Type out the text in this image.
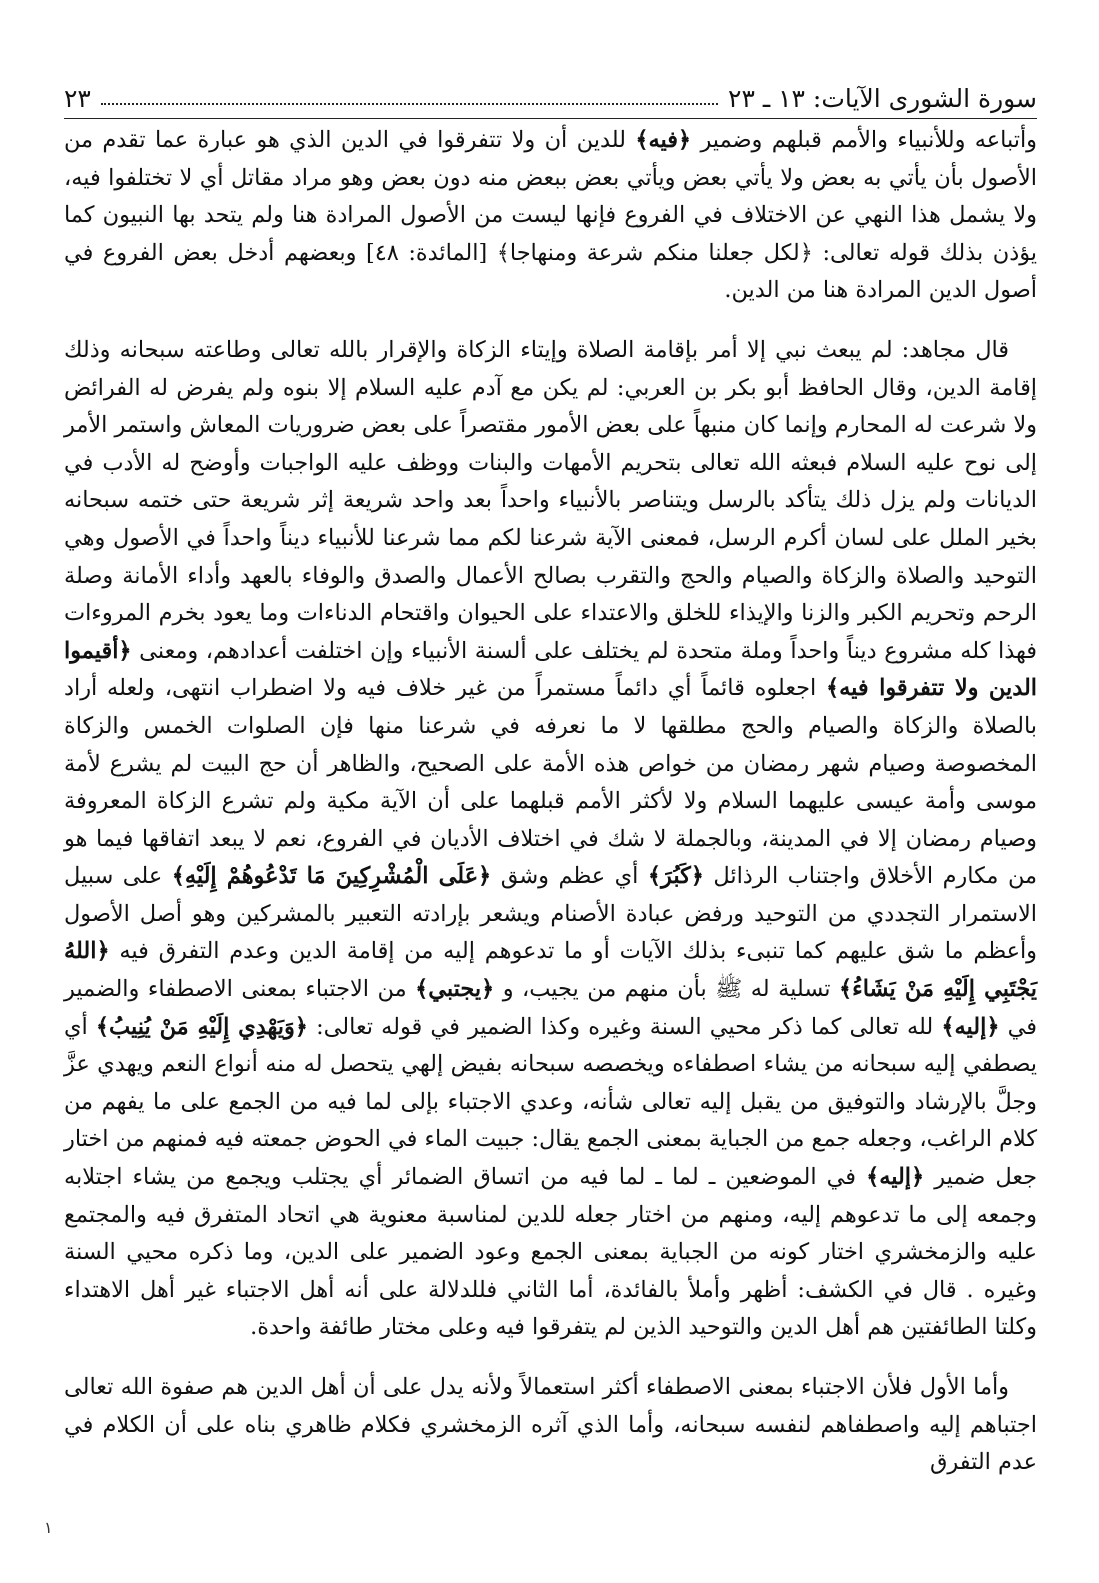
سورة الشورى الآيات: ١٣ ـ ٢٣
٢٣

وأتباعه وللأنبياء والأمم قبلهم وضمير ﴿فيه﴾ للدين أن ولا تتفرقوا في الدين الذي هو عبارة عما تقدم من الأصول بأن يأتي به بعض ولا يأتي بعض ويأتي بعض ببعض منه دون بعض وهو مراد مقاتل أي لا تختلفوا فيه، ولا يشمل هذا النهي عن الاختلاف في الفروع فإنها ليست من الأصول المرادة هنا ولم يتحد بها النبيون كما يؤذن بذلك قوله تعالى: ﴿لكل جعلنا منكم شرعة ومنهاجا﴾ [المائدة: ٤٨] وبعضهم أدخل بعض الفروع في أصول الدين المرادة هنا من الدين.

قال مجاهد: لم يبعث نبي إلا أمر بإقامة الصلاة وإيتاء الزكاة والإقرار بالله تعالى وطاعته سبحانه وذلك إقامة الدين، وقال الحافظ أبو بكر بن العربي: لم يكن مع آدم عليه السلام إلا بنوه ولم يفرض له الفرائض ولا شرعت له المحارم وإنما كان منبهاً على بعض الأمور مقتصراً على بعض ضروريات المعاش واستمر الأمر إلى نوح عليه السلام فبعثه الله تعالى بتحريم الأمهات والبنات ووظف عليه الواجبات وأوضح له الأدب في الديانات ولم يزل ذلك يتأكد بالرسل ويتناصر بالأنبياء واحداً بعد واحد شريعة إثر شريعة حتى ختمه سبحانه بخير الملل على لسان أكرم الرسل، فمعنى الآية شرعنا لكم مما شرعنا للأنبياء ديناً واحداً في الأصول وهي التوحيد والصلاة والزكاة والصيام والحج والتقرب بصالح الأعمال والصدق والوفاء بالعهد وأداء الأمانة وصلة الرحم وتحريم الكبر والزنا والإيذاء للخلق والاعتداء على الحيوان واقتحام الدناءات وما يعود بخرم المروءات فهذا كله مشروع ديناً واحداً وملة متحدة لم يختلف على ألسنة الأنبياء وإن اختلفت أعدادهم، ومعنى ﴿أقيموا الدين ولا تتفرقوا فيه﴾ اجعلوه قائماً أي دائماً مستمراً من غير خلاف فيه ولا اضطراب انتهى، ولعله أراد بالصلاة والزكاة والصيام والحج مطلقها لا ما نعرفه في شرعنا منها فإن الصلوات الخمس والزكاة المخصوصة وصيام شهر رمضان من خواص هذه الأمة على الصحيح، والظاهر أن حج البيت لم يشرع لأمة موسى وأمة عيسى عليهما السلام ولا لأكثر الأمم قبلهما على أن الآية مكية ولم تشرع الزكاة المعروفة وصيام رمضان إلا في المدينة، وبالجملة لا شك في اختلاف الأديان في الفروع، نعم لا يبعد اتفاقها فيما هو من مكارم الأخلاق واجتناب الرذائل ﴿كَبُرَ﴾ أي عظم وشق ﴿عَلَى الْمُشْرِكِينَ مَا تَدْعُوهُمْ إِلَيْهِ﴾ على سبيل الاستمرار التجددي من التوحيد ورفض عبادة الأصنام ويشعر بإرادته التعبير بالمشركين وهو أصل الأصول وأعظم ما شق عليهم كما تنبىء بذلك الآيات أو ما تدعوهم إليه من إقامة الدين وعدم التفرق فيه ﴿اللهُ يَجْتَبِي إِلَيْهِ مَنْ يَشَاءُ﴾ تسلية له ﷺ بأن منهم من يجيب، و ﴿يجتبي﴾ من الاجتباء بمعنى الاصطفاء والضمير في ﴿إليه﴾ لله تعالى كما ذكر محيي السنة وغيره وكذا الضمير في قوله تعالى: ﴿وَيَهْدِي إِلَيْهِ مَنْ يُنِيبُ﴾ أي يصطفي إليه سبحانه من يشاء اصطفاءه ويخصصه سبحانه بفيض إلهي يتحصل له منه أنواع النعم ويهدي عزَّ وجلَّ بالإرشاد والتوفيق من يقبل إليه تعالى شأنه، وعدي الاجتباء بإلى لما فيه من الجمع على ما يفهم من كلام الراغب، وجعله جمع من الجباية بمعنى الجمع يقال: جبيت الماء في الحوض جمعته فيه فمنهم من اختار جعل ضمير ﴿إليه﴾ في الموضعين ـ لما ـ لما فيه من اتساق الضمائر أي يجتلب ويجمع من يشاء اجتلابه وجمعه إلى ما تدعوهم إليه، ومنهم من اختار جعله للدين لمناسبة معنوية هي اتحاد المتفرق فيه والمجتمع عليه والزمخشري اختار كونه من الجباية بمعنى الجمع وعود الضمير على الدين، وما ذكره محيي السنة وغيره . قال في الكشف: أظهر وأملأ بالفائدة، أما الثاني فللدلالة على أنه أهل الاجتباء غير أهل الاهتداء وكلتا الطائفتين هم أهل الدين والتوحيد الذين لم يتفرقوا فيه وعلى مختار طائفة واحدة.

وأما الأول فلأن الاجتباء بمعنى الاصطفاء أكثر استعمالاً ولأنه يدل على أن أهل الدين هم صفوة الله تعالى اجتباهم إليه واصطفاهم لنفسه سبحانه، وأما الذي آثره الزمخشري فكلام ظاهري بناه على أن الكلام في عدم التفرق

١
